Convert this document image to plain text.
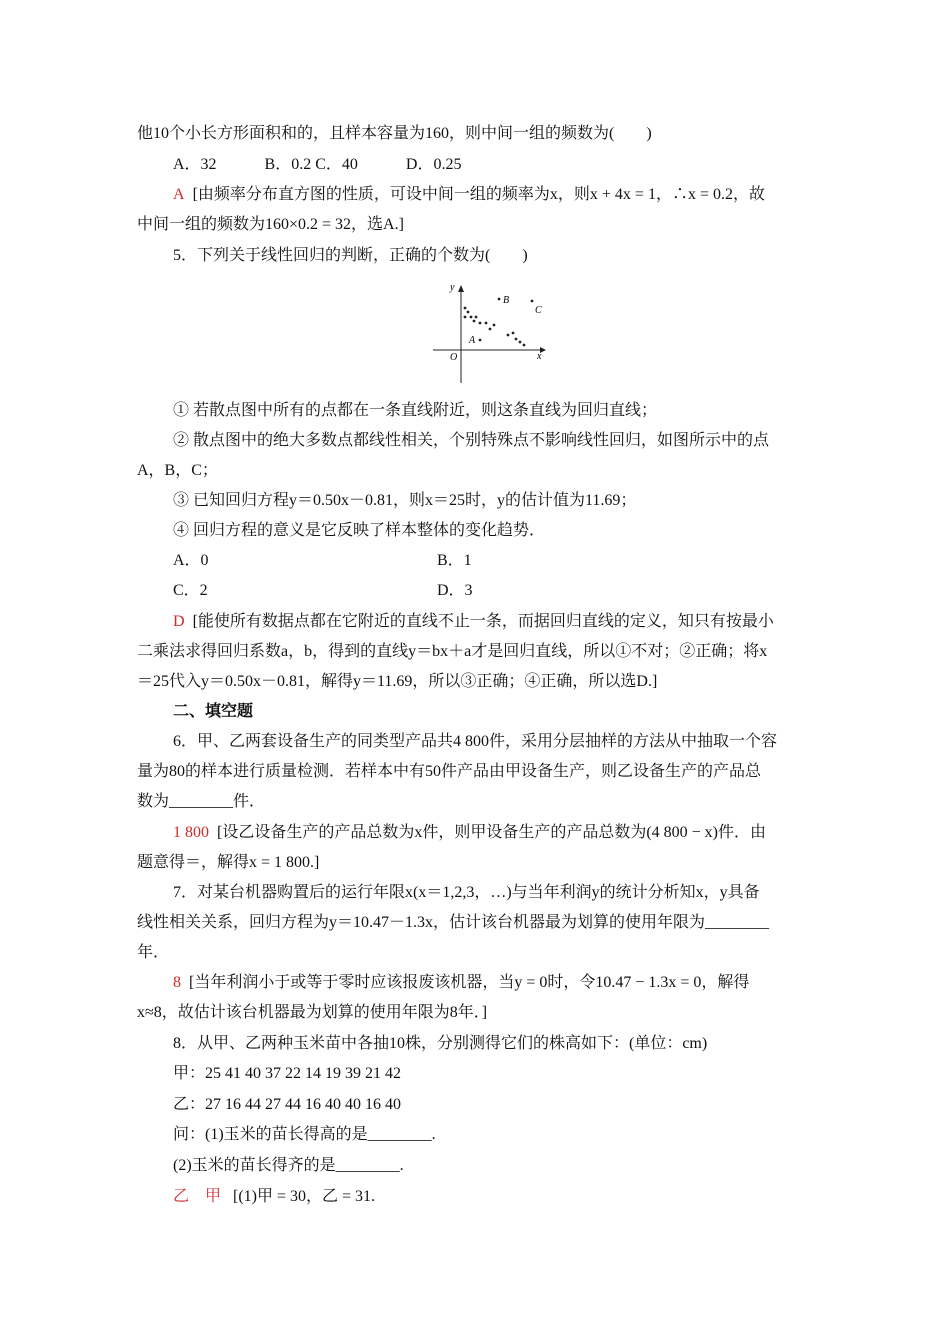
他10个小长方形面积和的，且样本容量为160，则中间一组的频数为(　　)
A．32　　　B．0.2 C．40　　　D．0.25
A [由频率分布直方图的性质，可设中间一组的频率为x，则x + 4x = 1，∴x = 0.2，故
中间一组的频数为160×0.2 = 32，选A.]
5．下列关于线性回归的判断，正确的个数为(　　)
y
x
O
A
B
C
① 若散点图中所有的点都在一条直线附近，则这条直线为回归直线；
② 散点图中的绝大多数点都线性相关，个别特殊点不影响线性回归，如图所示中的点
A，B，C；
③ 已知回归方程y＝0.50x－0.81，则x＝25时，y的估计值为11.69；
④ 回归方程的意义是它反映了样本整体的变化趋势．
A．0	B．1
C．2	D．3
D [能使所有数据点都在它附近的直线不止一条，而据回归直线的定义，知只有按最小
二乘法求得回归系数a，b，得到的直线y＝bx＋a才是回归直线，所以①不对；②正确；将x
＝25代入y＝0.50x－0.81，解得y＝11.69，所以③正确；④正确，所以选D.]
二、填空题
6．甲、乙两套设备生产的同类型产品共4 800件，采用分层抽样的方法从中抽取一个容
量为80的样本进行质量检测．若样本中有50件产品由甲设备生产，则乙设备生产的产品总
数为________件．
1 800 [设乙设备生产的产品总数为x件，则甲设备生产的产品总数为(4 800 − x)件．由
题意得＝，解得x = 1 800.]
7．对某台机器购置后的运行年限x(x＝1,2,3，…)与当年利润y的统计分析知x，y具备
线性相关关系，回归方程为y＝10.47－1.3x，估计该台机器最为划算的使用年限为________
年．
8 [当年利润小于或等于零时应该报废该机器，当y = 0时，令10.47 − 1.3x = 0，解得
x≈8，故估计该台机器最为划算的使用年限为8年．]
8．从甲、乙两种玉米苗中各抽10株，分别测得它们的株高如下：(单位：cm)
甲：25 41 40 37 22 14 19 39 21 42
乙：27 16 44 27 44 16 40 40 16 40
问：(1)玉米的苗长得高的是________.
(2)玉米的苗长得齐的是________.
乙　甲 [(1)甲 = 30，乙 = 31.
